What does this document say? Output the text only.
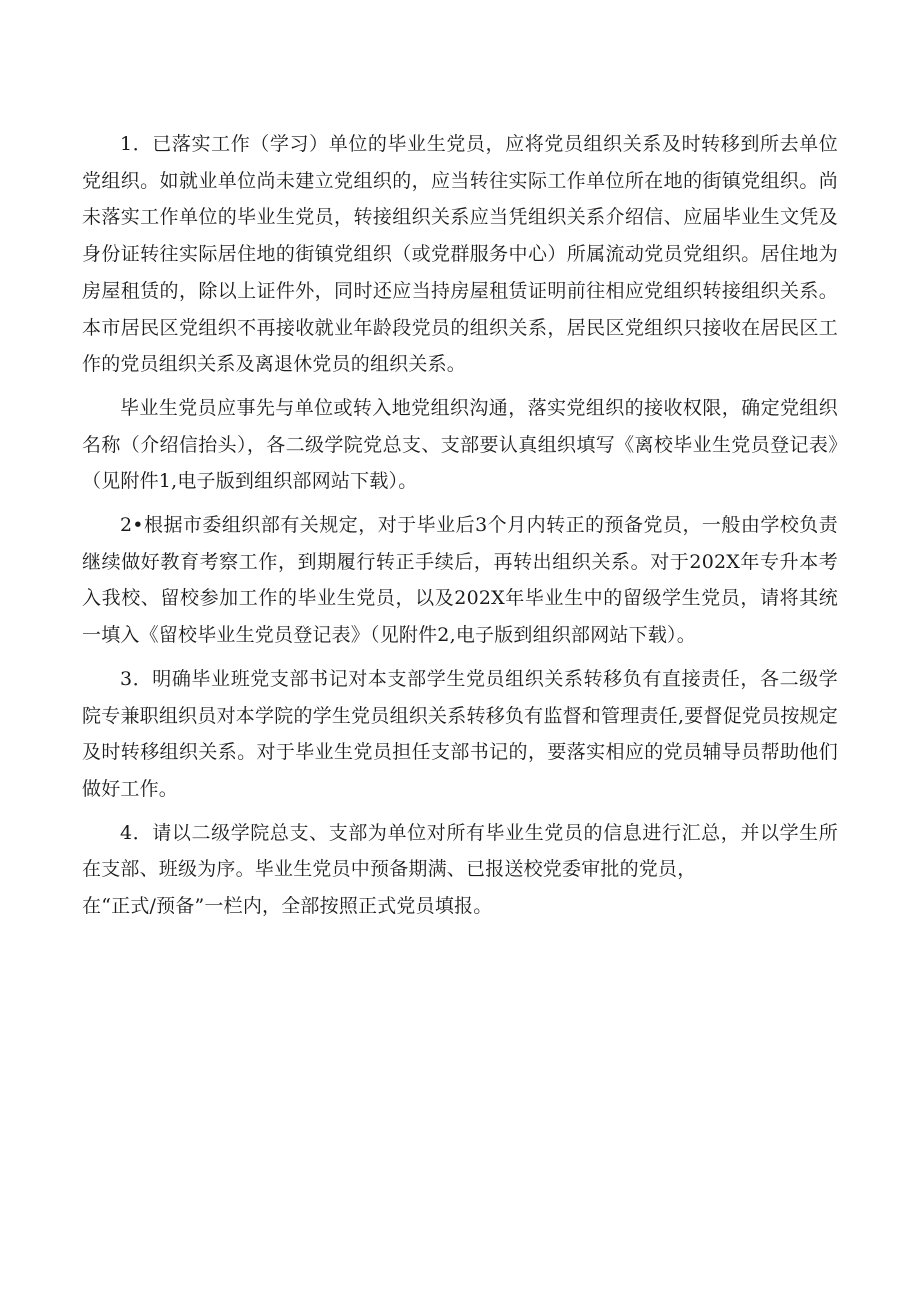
1．已落实工作（学习）单位的毕业生党员，应将党员组织关系及时转移到所去单位党组织。如就业单位尚未建立党组织的，应当转往实际工作单位所在地的街镇党组织。尚未落实工作单位的毕业生党员，转接组织关系应当凭组织关系介绍信、应届毕业生文凭及身份证转往实际居住地的街镇党组织（或党群服务中心）所属流动党员党组织。居住地为房屋租赁的，除以上证件外，同时还应当持房屋租赁证明前往相应党组织转接组织关系。本市居民区党组织不再接收就业年龄段党员的组织关系，居民区党组织只接收在居民区工作的党员组织关系及离退休党员的组织关系。

毕业生党员应事先与单位或转入地党组织沟通，落实党组织的接收权限，确定党组织名称（介绍信抬头），各二级学院党总支、支部要认真组织填写《离校毕业生党员登记表》（见附件1,电子版到组织部网站下载）。

2•根据市委组织部有关规定，对于毕业后3个月内转正的预备党员，一般由学校负责继续做好教育考察工作，到期履行转正手续后，再转出组织关系。对于202X年专升本考入我校、留校参加工作的毕业生党员，以及202X年毕业生中的留级学生党员，请将其统一填入《留校毕业生党员登记表》（见附件2,电子版到组织部网站下载）。

3．明确毕业班党支部书记对本支部学生党员组织关系转移负有直接责任，各二级学院专兼职组织员对本学院的学生党员组织关系转移负有监督和管理责任,要督促党员按规定及时转移组织关系。对于毕业生党员担任支部书记的，要落实相应的党员辅导员帮助他们做好工作。

4．请以二级学院总支、支部为单位对所有毕业生党员的信息进行汇总，并以学生所在支部、班级为序。毕业生党员中预备期满、已报送校党委审批的党员，
在“正式/预备”一栏内，全部按照正式党员填报。
